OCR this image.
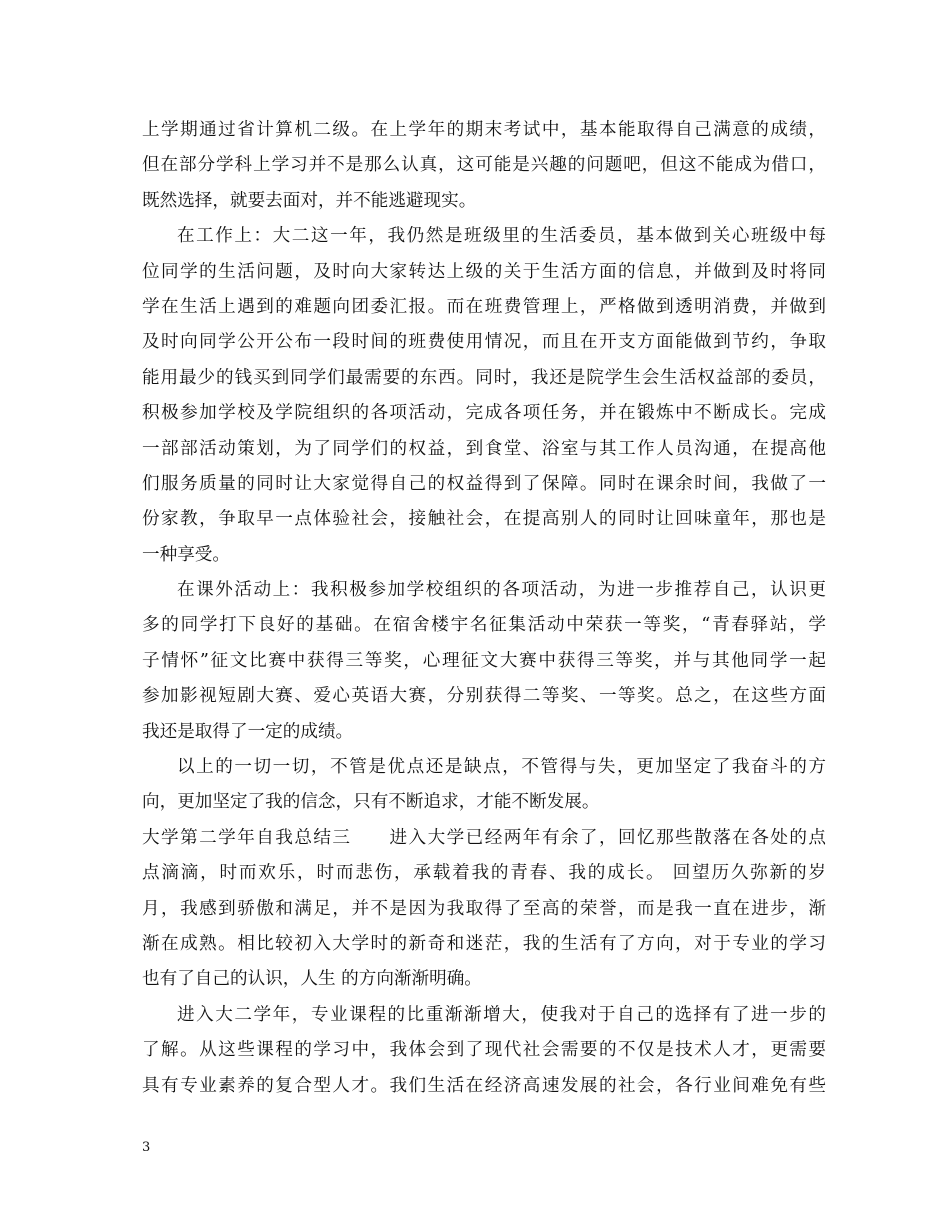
上学期通过省计算机二级。在上学年的期末考试中，基本能取得自己满意的成绩，
但在部分学科上学习并不是那么认真，这可能是兴趣的问题吧，但这不能成为借口，
既然选择，就要去面对，并不能逃避现实。
在工作上：大二这一年，我仍然是班级里的生活委员，基本做到关心班级中每
位同学的生活问题，及时向大家转达上级的关于生活方面的信息，并做到及时将同
学在生活上遇到的难题向团委汇报。而在班费管理上，严格做到透明消费，并做到
及时向同学公开公布一段时间的班费使用情况，而且在开支方面能做到节约，争取
能用最少的钱买到同学们最需要的东西。同时，我还是院学生会生活权益部的委员，
积极参加学校及学院组织的各项活动，完成各项任务，并在锻炼中不断成长。完成
一部部活动策划，为了同学们的权益，到食堂、浴室与其工作人员沟通，在提高他
们服务质量的同时让大家觉得自己的权益得到了保障。同时在课余时间，我做了一
份家教，争取早一点体验社会，接触社会，在提高别人的同时让回味童年，那也是
一种享受。
在课外活动上：我积极参加学校组织的各项活动，为进一步推荐自己，认识更
多的同学打下良好的基础。在宿舍楼宇名征集活动中荣获一等奖，“青春驿站，学
子情怀”征文比赛中获得三等奖，心理征文大赛中获得三等奖，并与其他同学一起
参加影视短剧大赛、爱心英语大赛，分别获得二等奖、一等奖。总之，在这些方面
我还是取得了一定的成绩。
以上的一切一切，不管是优点还是缺点，不管得与失，更加坚定了我奋斗的方
向，更加坚定了我的信念，只有不断追求，才能不断发展。
大学第二学年自我总结三　　进入大学已经两年有余了，回忆那些散落在各处的点
点滴滴，时而欢乐，时而悲伤，承载着我的青春、我的成长。 回望历久弥新的岁
月，我感到骄傲和满足，并不是因为我取得了至高的荣誉，而是我一直在进步，渐
渐在成熟。相比较初入大学时的新奇和迷茫，我的生活有了方向，对于专业的学习
也有了自己的认识，人生 的方向渐渐明确。
进入大二学年，专业课程的比重渐渐增大，使我对于自己的选择有了进一步的
了解。从这些课程的学习中，我体会到了现代社会需要的不仅是技术人才，更需要
具有专业素养的复合型人才。我们生活在经济高速发展的社会，各行业间难免有些
3
